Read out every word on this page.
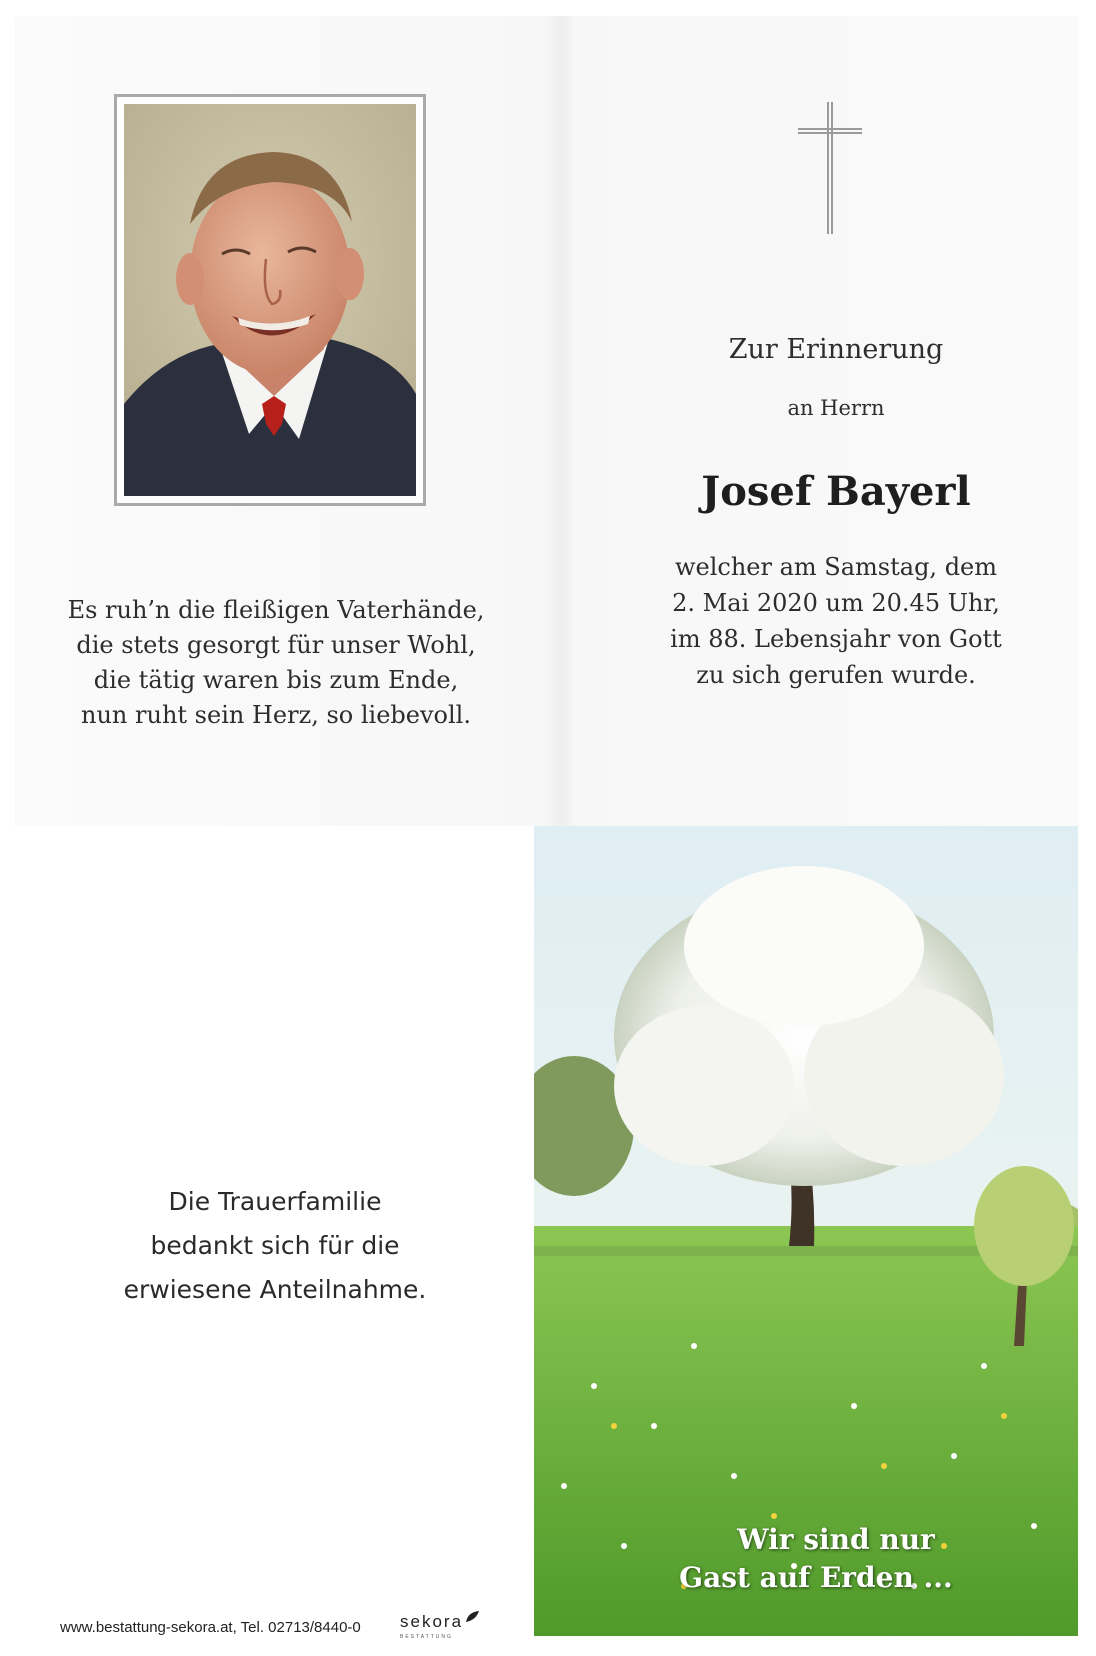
Es ruh’n die fleißigen Vaterhände,
die stets gesorgt für unser Wohl,
die tätig waren bis zum Ende,
nun ruht sein Herz, so liebevoll.
Zur Erinnerung
an Herrn
Josef Bayerl
welcher am Samstag, dem
2. Mai 2020 um 20.45 Uhr,
im 88. Lebensjahr von Gott
zu sich gerufen wurde.
Die Trauerfamilie
bedankt sich für die
erwiesene Anteilnahme.
www.bestattung-sekora.at, Tel. 02713/8440-0 sekora
BESTATTUNG
Wir sind nur
Gast auf Erden ...
